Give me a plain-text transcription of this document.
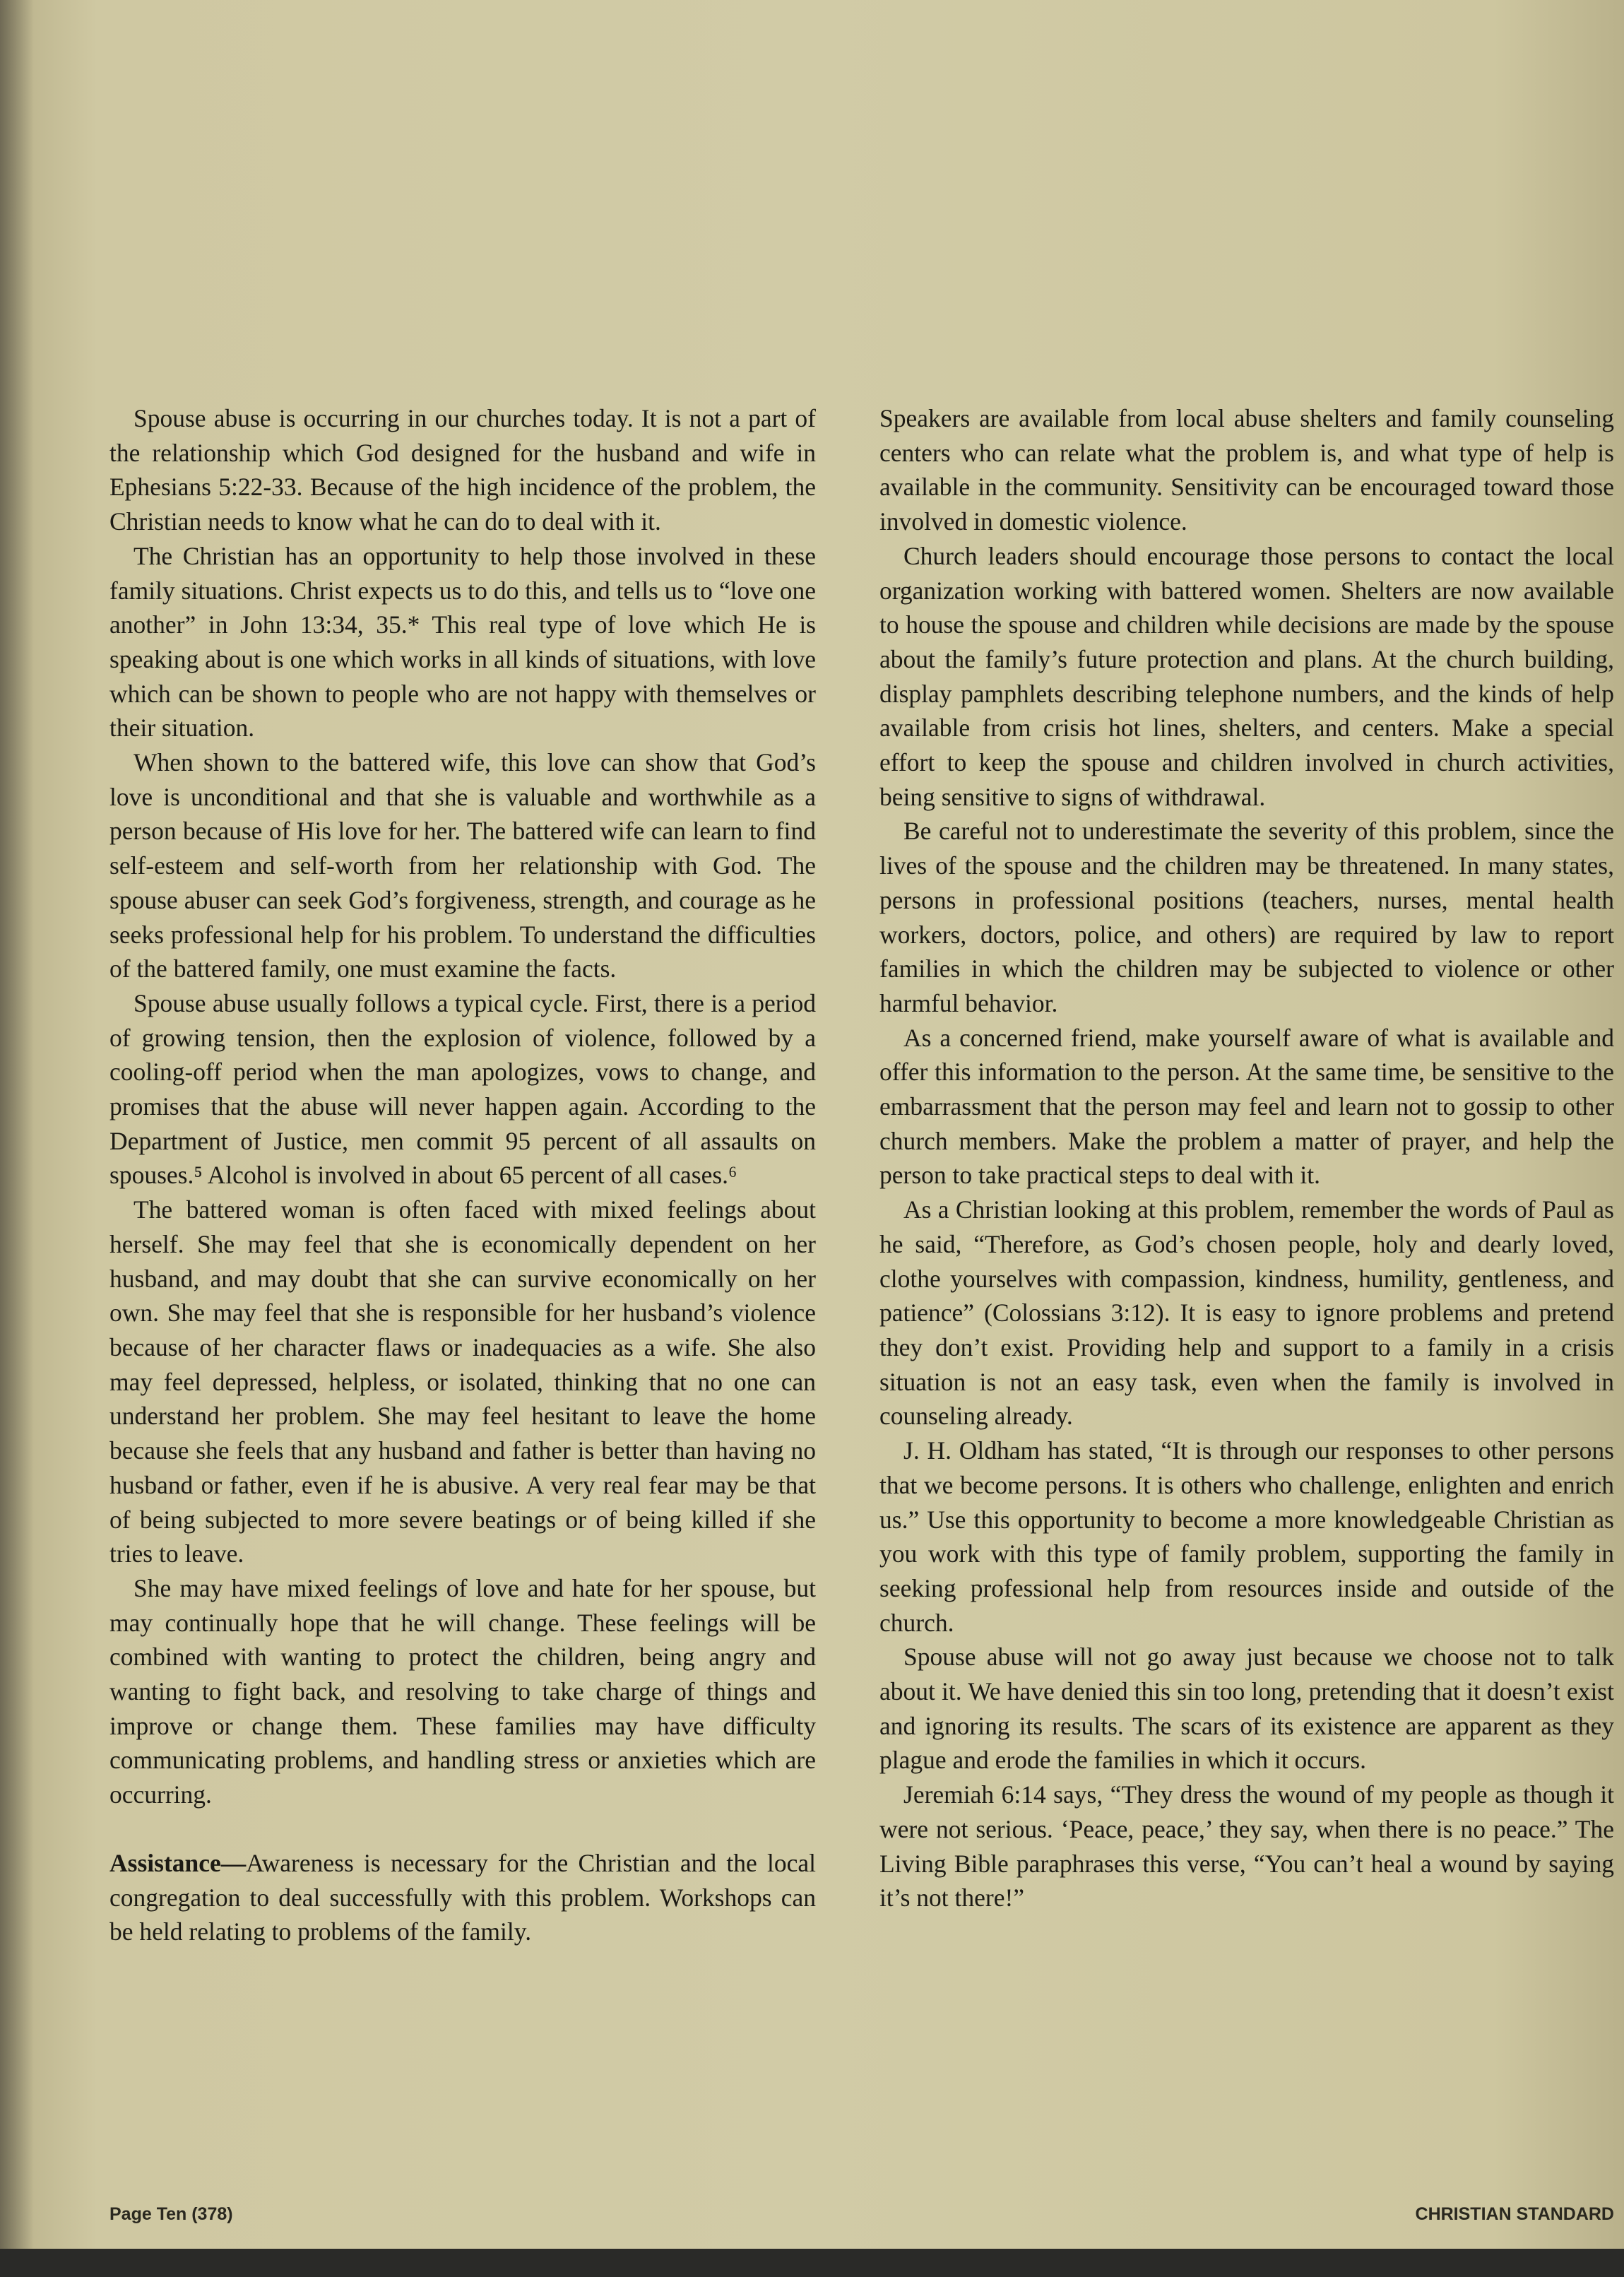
Spouse abuse is occurring in our churches today. It is not a part of the relationship which God designed for the husband and wife in Ephesians 5:22-33. Because of the high incidence of the problem, the Christian needs to know what he can do to deal with it.

The Christian has an opportunity to help those involved in these family situations. Christ expects us to do this, and tells us to “love one another” in John 13:34, 35.* This real type of love which He is speaking about is one which works in all kinds of situations, with love which can be shown to people who are not happy with themselves or their situation.

When shown to the battered wife, this love can show that God’s love is unconditional and that she is valuable and worthwhile as a person because of His love for her. The battered wife can learn to find self-esteem and self-worth from her relationship with God. The spouse abuser can seek God’s forgiveness, strength, and courage as he seeks professional help for his problem. To understand the difficulties of the battered family, one must examine the facts.

Spouse abuse usually follows a typical cycle. First, there is a period of growing tension, then the explosion of violence, followed by a cooling-off period when the man apologizes, vows to change, and promises that the abuse will never happen again. According to the Department of Justice, men commit 95 percent of all assaults on spouses.⁵ Alcohol is involved in about 65 percent of all cases.⁶

The battered woman is often faced with mixed feelings about herself. She may feel that she is economically dependent on her husband, and may doubt that she can survive economically on her own. She may feel that she is responsible for her husband’s violence because of her character flaws or inadequacies as a wife. She also may feel depressed, helpless, or isolated, thinking that no one can understand her problem. She may feel hesitant to leave the home because she feels that any husband and father is better than having no husband or father, even if he is abusive. A very real fear may be that of being subjected to more severe beatings or of being killed if she tries to leave.

She may have mixed feelings of love and hate for her spouse, but may continually hope that he will change. These feelings will be combined with wanting to protect the children, being angry and wanting to fight back, and resolving to take charge of things and improve or change them. These families may have difficulty communicating problems, and handling stress or anxieties which are occurring.

Assistance—Awareness is necessary for the Christian and the local congregation to deal successfully with this problem. Workshops can be held relating to problems of the family.

Speakers are available from local abuse shelters and family counseling centers who can relate what the problem is, and what type of help is available in the community. Sensitivity can be encouraged toward those involved in domestic violence.

Church leaders should encourage those persons to contact the local organization working with battered women. Shelters are now available to house the spouse and children while decisions are made by the spouse about the family’s future protection and plans. At the church building, display pamphlets describing telephone numbers, and the kinds of help available from crisis hot lines, shelters, and centers. Make a special effort to keep the spouse and children involved in church activities, being sensitive to signs of withdrawal.

Be careful not to underestimate the severity of this problem, since the lives of the spouse and the children may be threatened. In many states, persons in professional positions (teachers, nurses, mental health workers, doctors, police, and others) are required by law to report families in which the children may be subjected to violence or other harmful behavior.

As a concerned friend, make yourself aware of what is available and offer this information to the person. At the same time, be sensitive to the embarrassment that the person may feel and learn not to gossip to other church members. Make the problem a matter of prayer, and help the person to take practical steps to deal with it.

As a Christian looking at this problem, remember the words of Paul as he said, “Therefore, as God’s chosen people, holy and dearly loved, clothe yourselves with compassion, kindness, humility, gentleness, and patience” (Colossians 3:12). It is easy to ignore problems and pretend they don’t exist. Providing help and support to a family in a crisis situation is not an easy task, even when the family is involved in counseling already.

J. H. Oldham has stated, “It is through our responses to other persons that we become persons. It is others who challenge, enlighten and enrich us.” Use this opportunity to become a more knowledgeable Christian as you work with this type of family problem, supporting the family in seeking professional help from resources inside and outside of the church.

Spouse abuse will not go away just because we choose not to talk about it. We have denied this sin too long, pretending that it doesn’t exist and ignoring its results. The scars of its existence are apparent as they plague and erode the families in which it occurs.

Jeremiah 6:14 says, “They dress the wound of my people as though it were not serious. ‘Peace, peace,’ they say, when there is no peace.” The Living Bible paraphrases this verse, “You can’t heal a wound by saying it’s not there!”

Page Ten (378)	CHRISTIAN STANDARD
